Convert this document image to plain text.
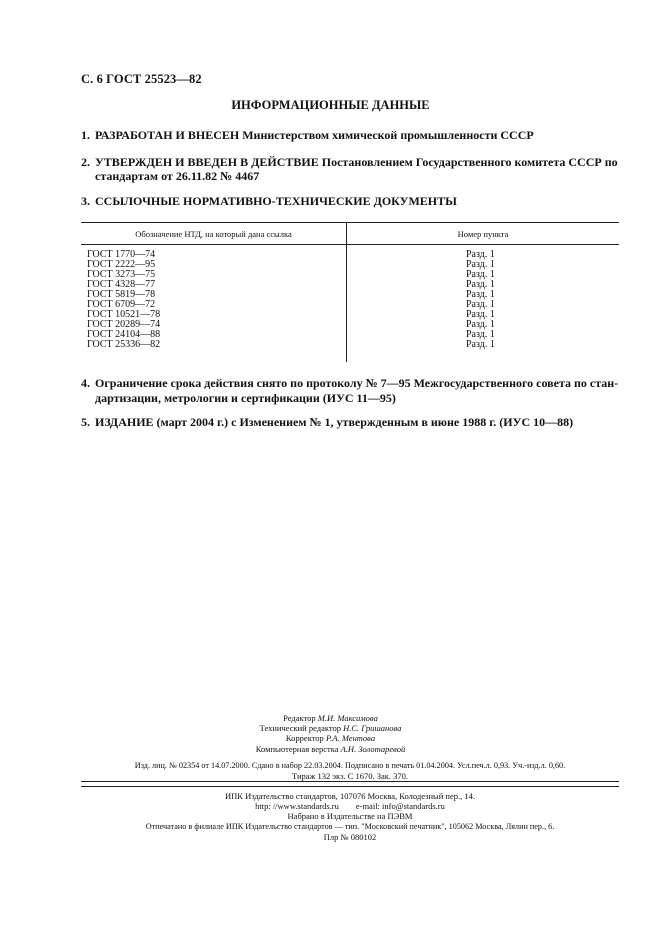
С. 6 ГОСТ 25523—82
ИНФОРМАЦИОННЫЕ ДАННЫЕ
1. РАЗРАБОТАН И ВНЕСЕН Министерством химической промышленности СССР
2. УТВЕРЖДЕН И ВВЕДЕН В ДЕЙСТВИЕ Постановлением Государственного комитета СССР по
стандартам от 26.11.82 № 4467
3. ССЫЛОЧНЫЕ НОРМАТИВНО-ТЕХНИЧЕСКИЕ ДОКУМЕНТЫ
Обозначение НТД, на который дана ссылка	Номер пункта
ГОСТ 1770—74
ГОСТ 2222—95
ГОСТ 3273—75
ГОСТ 4328—77
ГОСТ 5819—78
ГОСТ 6709—72
ГОСТ 10521—78
ГОСТ 20289—74
ГОСТ 24104—88
ГОСТ 25336—82
Разд. 1
Разд. 1
Разд. 1
Разд. 1
Разд. 1
Разд. 1
Разд. 1
Разд. 1
Разд. 1
Разд. 1
4. Ограничение срока действия снято по протоколу № 7—95 Межгосударственного совета по стан-
дартизации, метрологии и сертификации (ИУС 11—95)
5. ИЗДАНИЕ (март 2004 г.) с Изменением № 1, утвержденным в июне 1988 г. (ИУС 10—88)
Редактор М.И. Максимова
Технический редактор Н.С. Гришанова
Корректор Р.А. Ментова
Компьютерная верстка А.Н. Золотаревой
Изд. лиц. № 02354 от 14.07.2000. Сдано в набор 22.03.2004. Подписано в печать 01.04.2004. Усл.печ.л. 0,93. Уч.-изд.л. 0,60.
Тираж 132 экз. С 1670. Зак. 370.
ИПК Издательство стандартов, 107076 Москва, Колодезный пер., 14.
http: //www.standards.ru        e-mail: info@standards.ru
Набрано в Издательстве на ПЭВМ
Отпечатано в филиале ИПК Издательство стандартов — тип. "Московский печатник", 105062 Москва, Лялин пер., 6.
Плр № 080102
